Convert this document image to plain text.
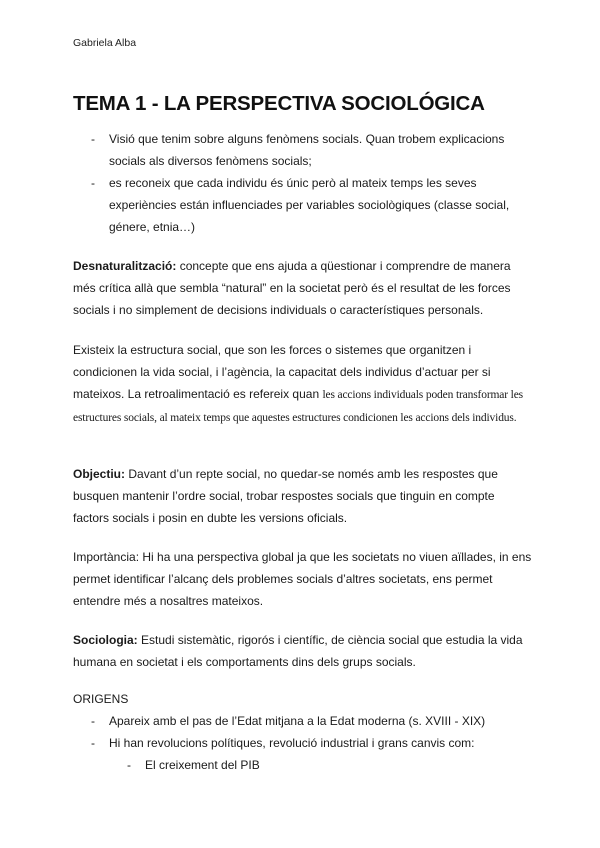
Gabriela Alba
TEMA 1 - LA PERSPECTIVA SOCIOLÓGICA
- Visió que tenim sobre alguns fenòmens socials. Quan trobem explicacions socials als diversos fenòmens socials;
- es reconeix que cada individu és únic però al mateix temps les seves experiències están influenciades per variables sociològiques (classe social, génere, etnia…)

Desnaturalització: concepte que ens ajuda a qüestionar i comprendre de manera més crítica allà que sembla “natural” en la societat però és el resultat de les forces socials i no simplement de decisions individuals o característiques personals.

Existeix la estructura social, que son les forces o sistemes que organitzen i condicionen la vida social, i l’agència, la capacitat dels individus d’actuar per si mateixos. La retroalimentació es refereix quan les accions individuals poden transformar les estructures socials, al mateix temps que aquestes estructures condicionen les accions dels individus.

Objectiu: Davant d’un repte social, no quedar-se només amb les respostes que busquen mantenir l’ordre social, trobar respostes socials que tinguin en compte factors socials i posin en dubte les versions oficials.

Importància: Hi ha una perspectiva global ja que les societats no viuen aïllades, in ens permet identificar l’alcanç dels problemes socials d’altres societats, ens permet entendre més a nosaltres mateixos.

Sociologia: Estudi sistemàtic, rigorós i científic, de ciència social que estudia la vida humana en societat i els comportaments dins dels grups socials.

ORIGENS
- Apareix amb el pas de l’Edat mitjana a la Edat moderna (s. XVIII - XIX)
- Hi han revolucions polítiques, revolució industrial i grans canvis com:
- El creixement del PIB
